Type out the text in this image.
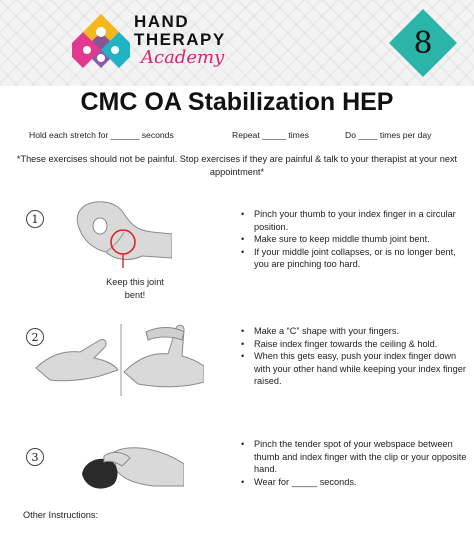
HAND
THERAPY
Academy	8
CMC OA Stabilization HEP
Hold each stretch for ______ seconds	Repeat _____ times	Do ____ times per day
*These exercises should not be painful. Stop exercises if they are painful & talk to your therapist at your next appointment*
1
Keep this joint bent!
• Pinch your thumb to your index finger in a circular position.
• Make sure to keep middle thumb joint bent.
• If your middle joint collapses, or is no longer bent, you are pinching too hard.
2
•	Make a “C” shape with your fingers.
• Raise index finger towards the ceiling & hold.
• When this gets easy, push your index finger down with your other hand while keeping your index finger raised.
3
• Pinch the tender spot of your webspace between thumb and index finger with the clip or your opposite hand.
• Wear for _____ seconds.
Other Instructions:
